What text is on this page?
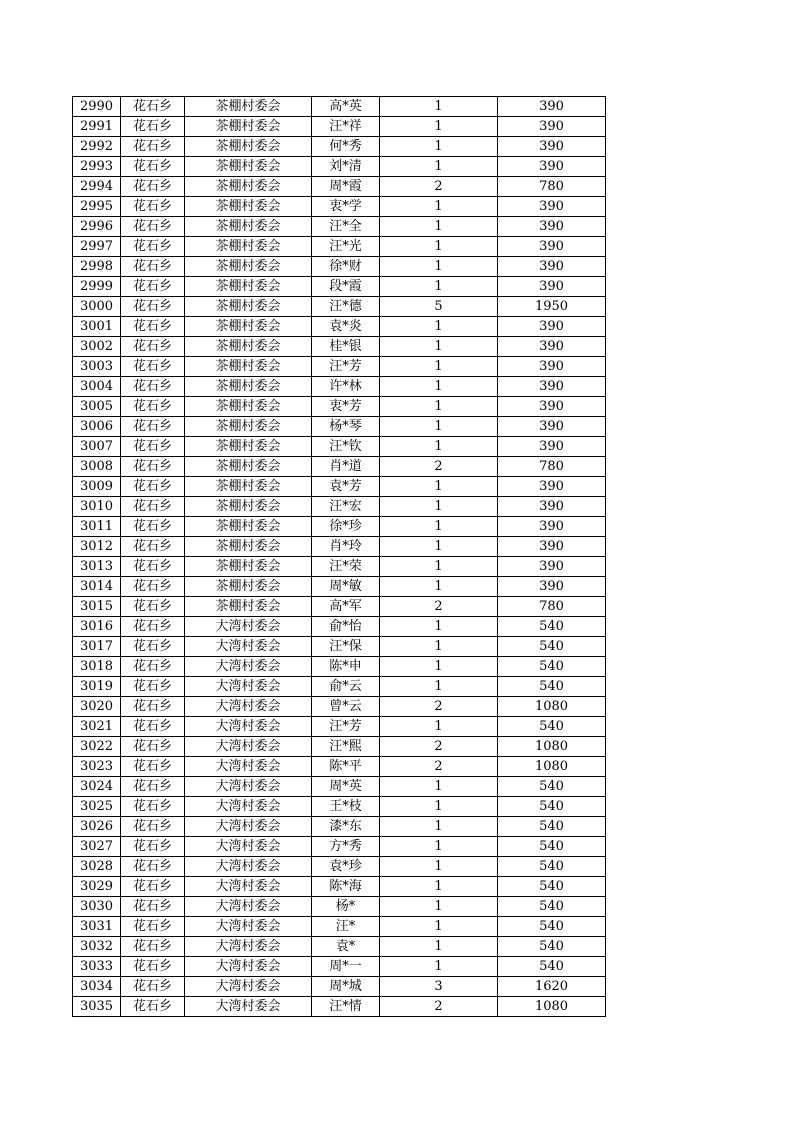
2990	花石乡	茶棚村委会	高*英	1	390
2991	花石乡	茶棚村委会	汪*祥	1	390
2992	花石乡	茶棚村委会	何*秀	1	390
2993	花石乡	茶棚村委会	刘*清	1	390
2994	花石乡	茶棚村委会	周*霞	2	780
2995	花石乡	茶棚村委会	衷*学	1	390
2996	花石乡	茶棚村委会	汪*全	1	390
2997	花石乡	茶棚村委会	汪*光	1	390
2998	花石乡	茶棚村委会	徐*财	1	390
2999	花石乡	茶棚村委会	段*霞	1	390
3000	花石乡	茶棚村委会	汪*德	5	1950
3001	花石乡	茶棚村委会	袁*炎	1	390
3002	花石乡	茶棚村委会	桂*银	1	390
3003	花石乡	茶棚村委会	汪*芳	1	390
3004	花石乡	茶棚村委会	许*林	1	390
3005	花石乡	茶棚村委会	衷*芳	1	390
3006	花石乡	茶棚村委会	杨*琴	1	390
3007	花石乡	茶棚村委会	汪*钦	1	390
3008	花石乡	茶棚村委会	肖*道	2	780
3009	花石乡	茶棚村委会	袁*芳	1	390
3010	花石乡	茶棚村委会	汪*宏	1	390
3011	花石乡	茶棚村委会	徐*珍	1	390
3012	花石乡	茶棚村委会	肖*玲	1	390
3013	花石乡	茶棚村委会	汪*荣	1	390
3014	花石乡	茶棚村委会	周*敏	1	390
3015	花石乡	茶棚村委会	高*军	2	780
3016	花石乡	大湾村委会	俞*怡	1	540
3017	花石乡	大湾村委会	汪*保	1	540
3018	花石乡	大湾村委会	陈*申	1	540
3019	花石乡	大湾村委会	俞*云	1	540
3020	花石乡	大湾村委会	曾*云	2	1080
3021	花石乡	大湾村委会	汪*芳	1	540
3022	花石乡	大湾村委会	汪*熙	2	1080
3023	花石乡	大湾村委会	陈*平	2	1080
3024	花石乡	大湾村委会	周*英	1	540
3025	花石乡	大湾村委会	王*枝	1	540
3026	花石乡	大湾村委会	漆*东	1	540
3027	花石乡	大湾村委会	方*秀	1	540
3028	花石乡	大湾村委会	袁*珍	1	540
3029	花石乡	大湾村委会	陈*海	1	540
3030	花石乡	大湾村委会	杨*	1	540
3031	花石乡	大湾村委会	汪*	1	540
3032	花石乡	大湾村委会	袁*	1	540
3033	花石乡	大湾村委会	周*一	1	540
3034	花石乡	大湾村委会	周*城	3	1620
3035	花石乡	大湾村委会	汪*情	2	1080
